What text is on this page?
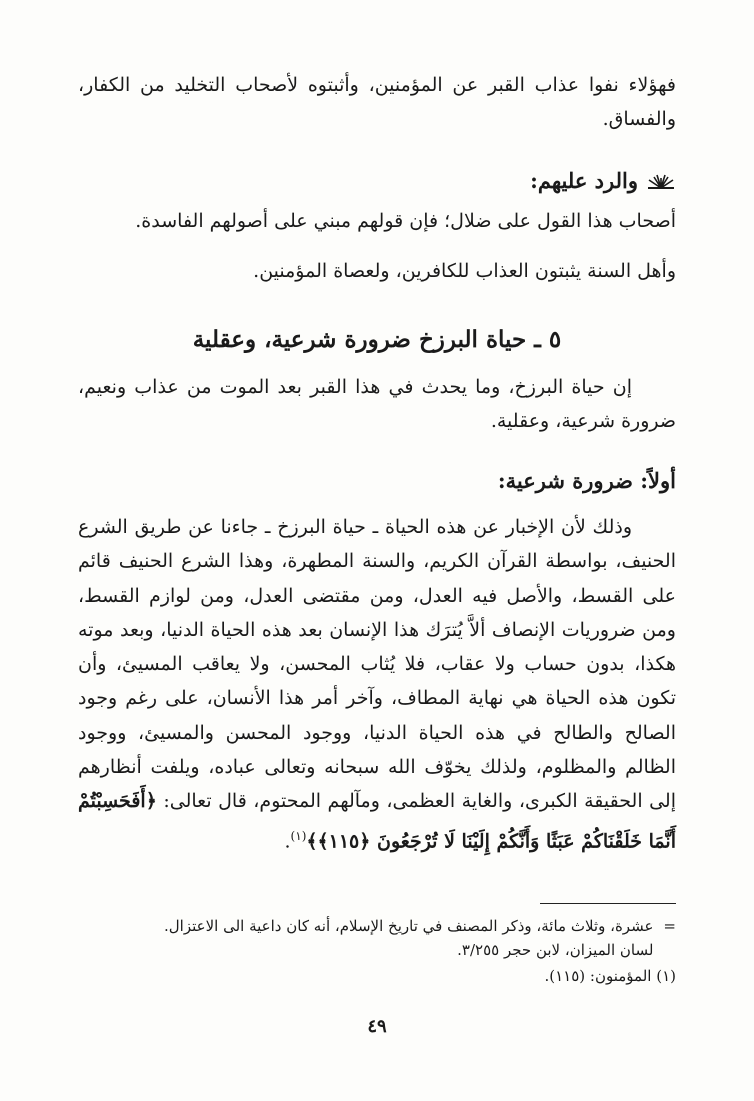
فهؤلاء نفوا عذاب القبر عن المؤمنين، وأثبتوه لأصحاب التخليد من الكفار، والفساق.

والرد عليهم:

أصحاب هذا القول على ضلال؛ فإن قولهم مبني على أصولهم الفاسدة.

وأهل السنة يثبتون العذاب للكافرين، ولعصاة المؤمنين.

٥ ـ حياة البرزخ ضرورة شرعية، وعقلية

إن حياة البرزخ، وما يحدث في هذا القبر بعد الموت من عذاب ونعيم، ضرورة شرعية، وعقلية.

أولاً: ضرورة شرعية:

وذلك لأن الإخبار عن هذه الحياة ـ حياة البرزخ ـ جاءنا عن طريق الشرع الحنيف، بواسطة القرآن الكريم، والسنة المطهرة، وهذا الشرع الحنيف قائم على القسط، والأصل فيه العدل، ومن مقتضى العدل، ومن لوازم القسط، ومن ضروريات الإنصاف ألاَّ يُترَك هذا الإنسان بعد هذه الحياة الدنيا، وبعد موته هكذا، بدون حساب ولا عقاب، فلا يُثاب المحسن، ولا يعاقب المسيئ، وأن تكون هذه الحياة هي نهاية المطاف، وآخر أمر هذا الأنسان، على رغم وجود الصالح والطالح في هذه الحياة الدنيا، ووجود المحسن والمسيئ، ووجود الظالم والمظلوم، ولذلك يخوّف الله سبحانه وتعالى عباده، ويلفت أنظارهم إلى الحقيقة الكبرى، والغاية العظمى، ومآلهم المحتوم، قال تعالى: ﴿أَفَحَسِبْتُمْ أَنَّمَا خَلَقْنَاكُمْ عَبَثًا وَأَنَّكُمْ إِلَيْنَا لَا تُرْجَعُونَ ﴿١١٥﴾﴾$^{(١)}$.

=

عشرة، وثلاث مائة، وذكر المصنف في تاريخ الإسلام، أنه كان داعية الى الاعتزال.

لسان الميزان، لابن حجر ٣/٢٥٥.

(١) المؤمنون: (١١٥).

٤٩
